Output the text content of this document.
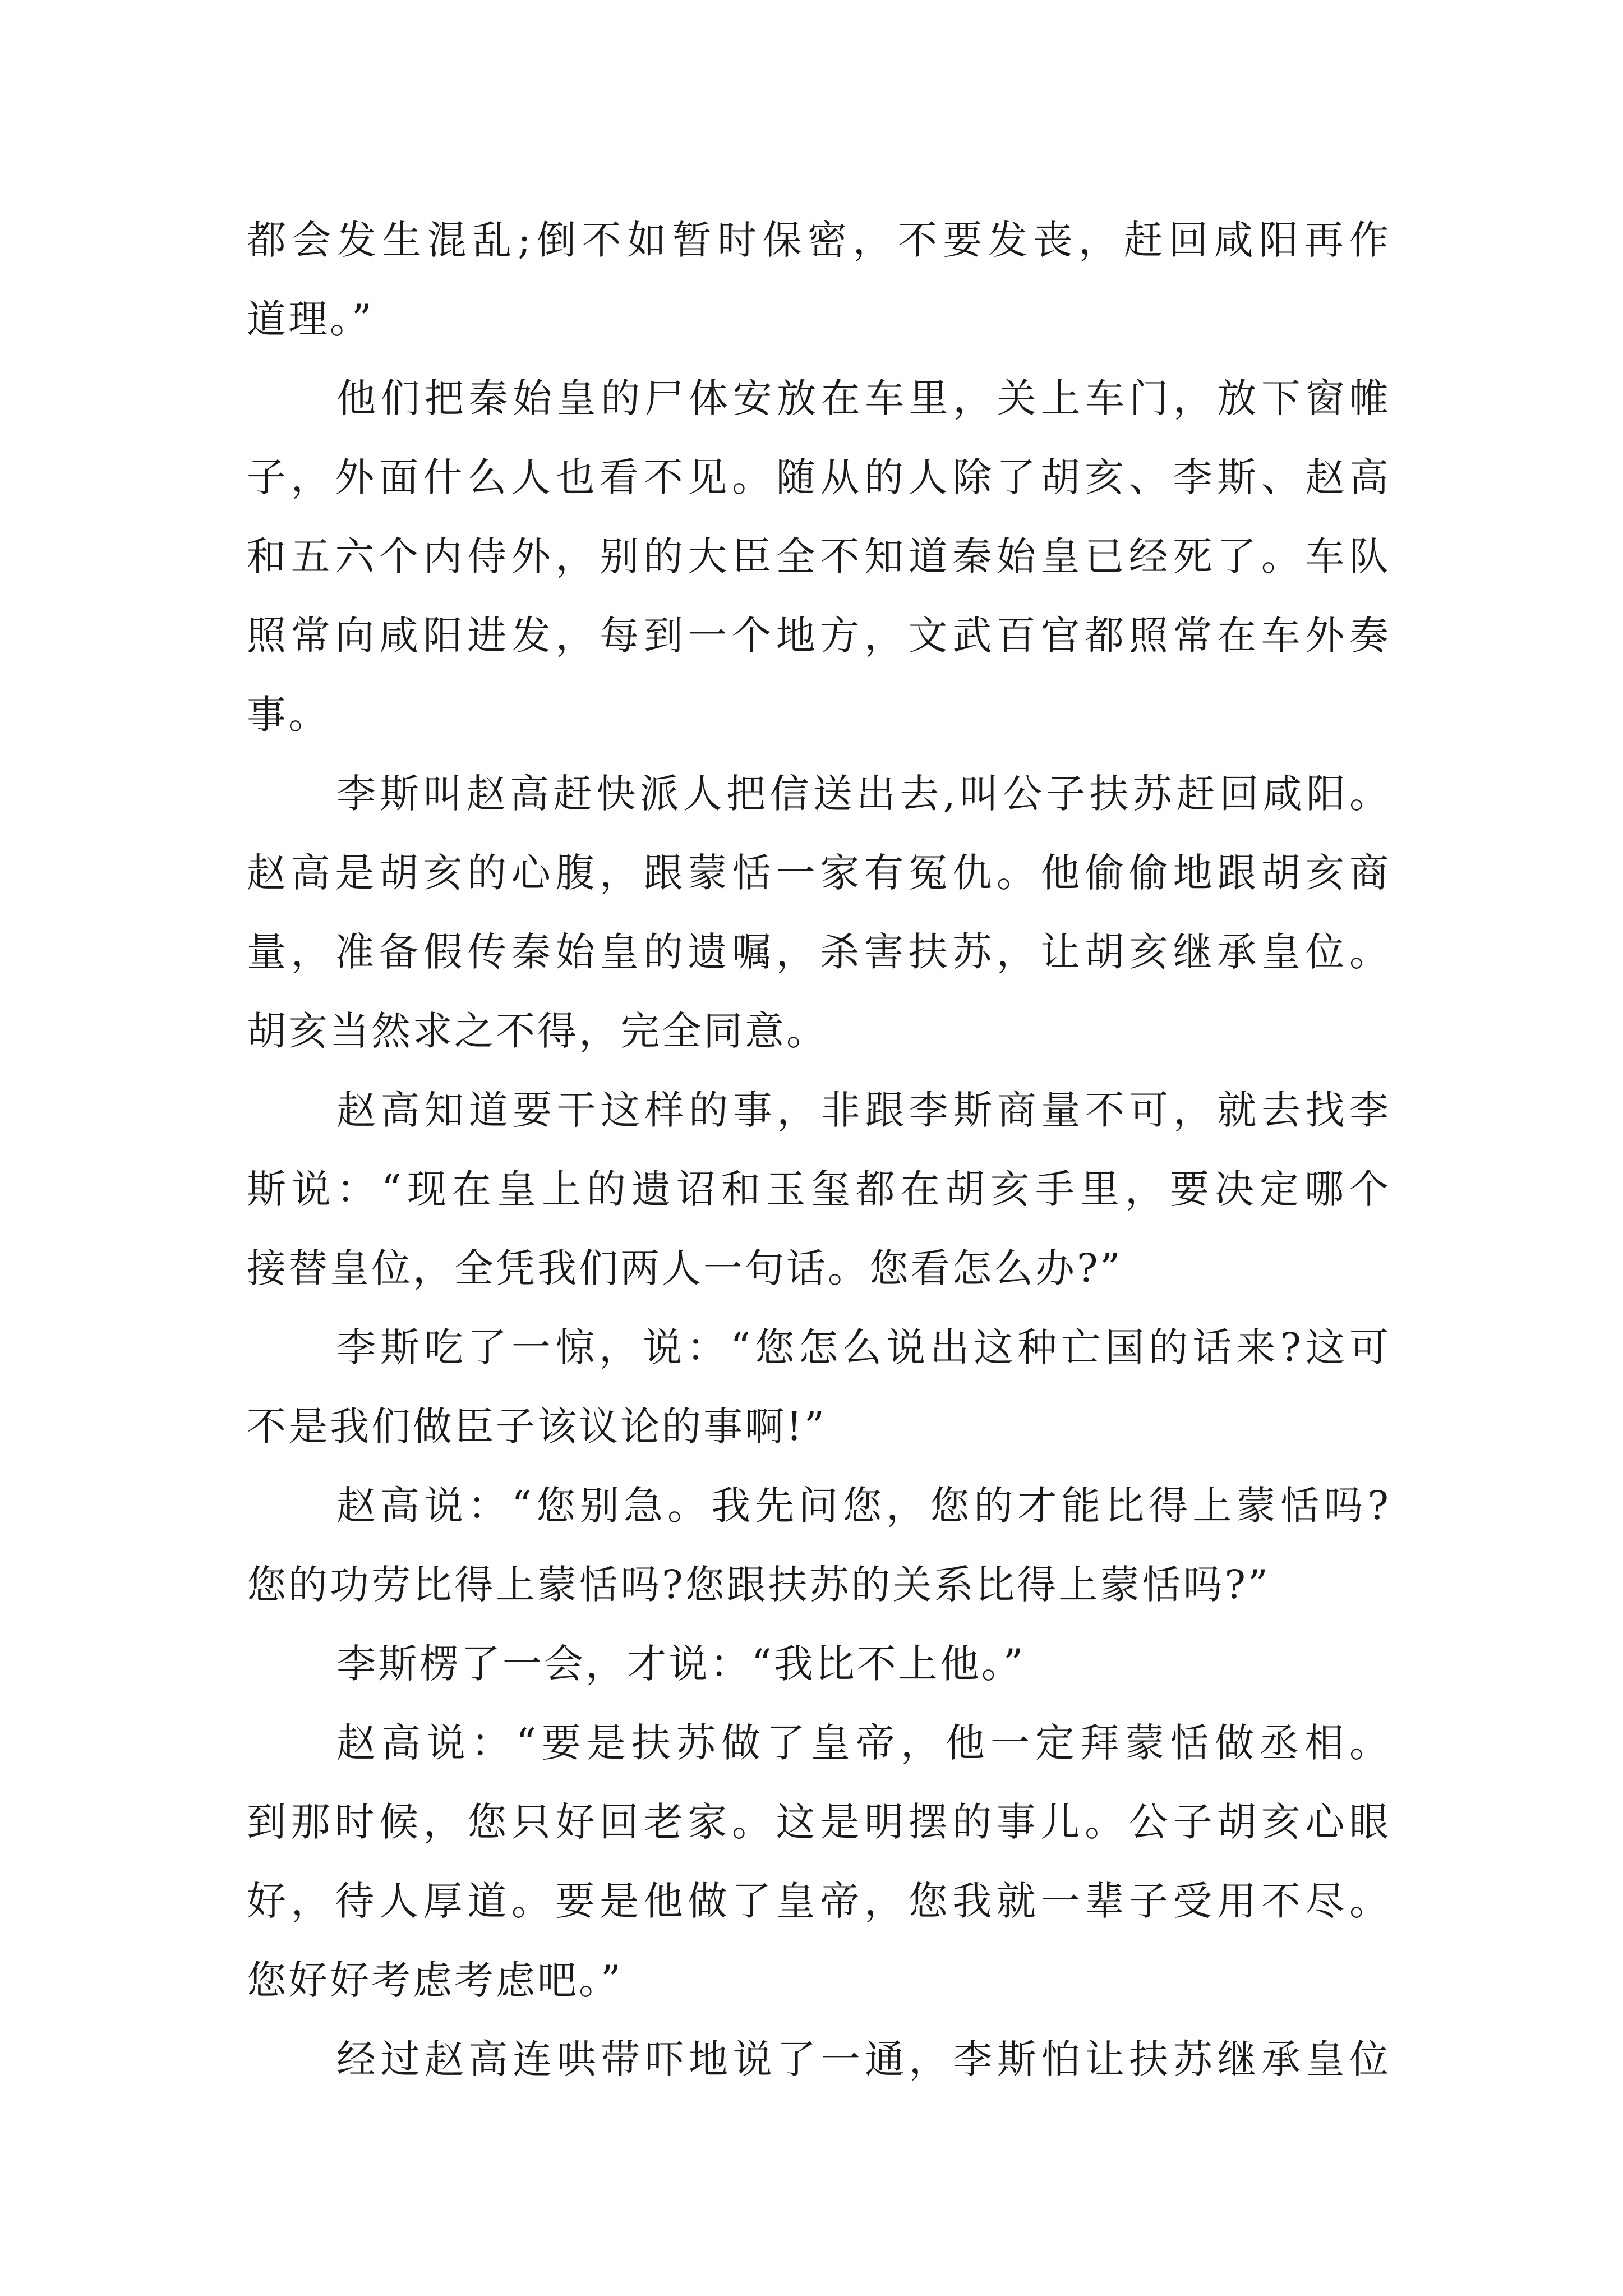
都会发生混乱;倒不如暂时保密，不要发丧，赶回咸阳再作
道理。”
他们把秦始皇的尸体安放在车里，关上车门，放下窗帷
子，外面什么人也看不见。随从的人除了胡亥、李斯、赵高
和五六个内侍外，别的大臣全不知道秦始皇已经死了。车队
照常向咸阳进发，每到一个地方，文武百官都照常在车外奏
事。
李斯叫赵高赶快派人把信送出去,叫公子扶苏赶回咸阳。
赵高是胡亥的心腹，跟蒙恬一家有冤仇。他偷偷地跟胡亥商
量，准备假传秦始皇的遗嘱，杀害扶苏，让胡亥继承皇位。
胡亥当然求之不得，完全同意。
赵高知道要干这样的事，非跟李斯商量不可，就去找李
斯说：“现在皇上的遗诏和玉玺都在胡亥手里，要决定哪个
接替皇位，全凭我们两人一句话。您看怎么办?”
李斯吃了一惊，说：“您怎么说出这种亡国的话来?这可
不是我们做臣子该议论的事啊!”
赵高说：“您别急。我先问您，您的才能比得上蒙恬吗?
您的功劳比得上蒙恬吗?您跟扶苏的关系比得上蒙恬吗?”
李斯楞了一会，才说：“我比不上他。”
赵高说：“要是扶苏做了皇帝，他一定拜蒙恬做丞相。
到那时候，您只好回老家。这是明摆的事儿。公子胡亥心眼
好，待人厚道。要是他做了皇帝，您我就一辈子受用不尽。
您好好考虑考虑吧。”
经过赵高连哄带吓地说了一通，李斯怕让扶苏继承皇位
